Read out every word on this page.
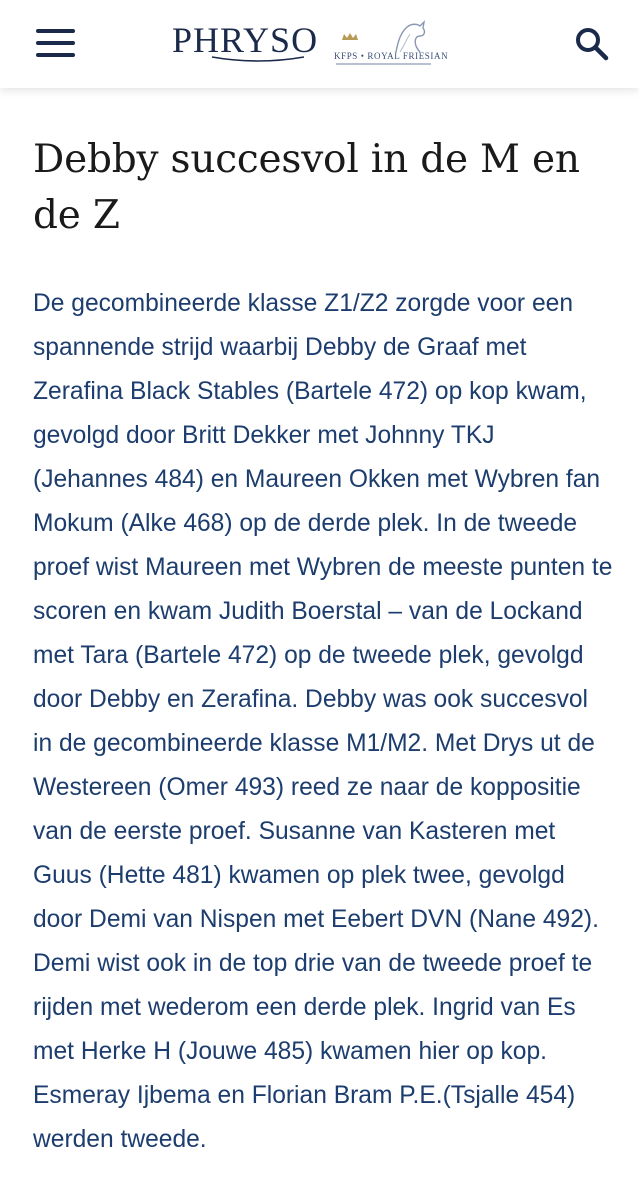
PHRYSO KFPS • ROYAL FRIESIAN
Debby succesvol in de M en de Z

De gecombineerde klasse Z1/Z2 zorgde voor een spannende strijd waarbij Debby de Graaf met Zerafina Black Stables (Bartele 472) op kop kwam, gevolgd door Britt Dekker met Johnny TKJ (Jehannes 484) en Maureen Okken met Wybren fan Mokum (Alke 468) op de derde plek. In de tweede proef wist Maureen met Wybren de meeste punten te scoren en kwam Judith Boerstal – van de Lockand met Tara (Bartele 472) op de tweede plek, gevolgd door Debby en Zerafina. Debby was ook succesvol in de gecombineerde klasse M1/M2. Met Drys ut de Westereen (Omer 493) reed ze naar de koppositie van de eerste proef. Susanne van Kasteren met Guus (Hette 481) kwamen op plek twee, gevolgd door Demi van Nispen met Eebert DVN (Nane 492). Demi wist ook in de top drie van de tweede proef te rijden met wederom een derde plek. Ingrid van Es met Herke H (Jouwe 485) kwamen hier op kop. Esmeray Ijbema en Florian Bram P.E.(Tsjalle 454) werden tweede.
